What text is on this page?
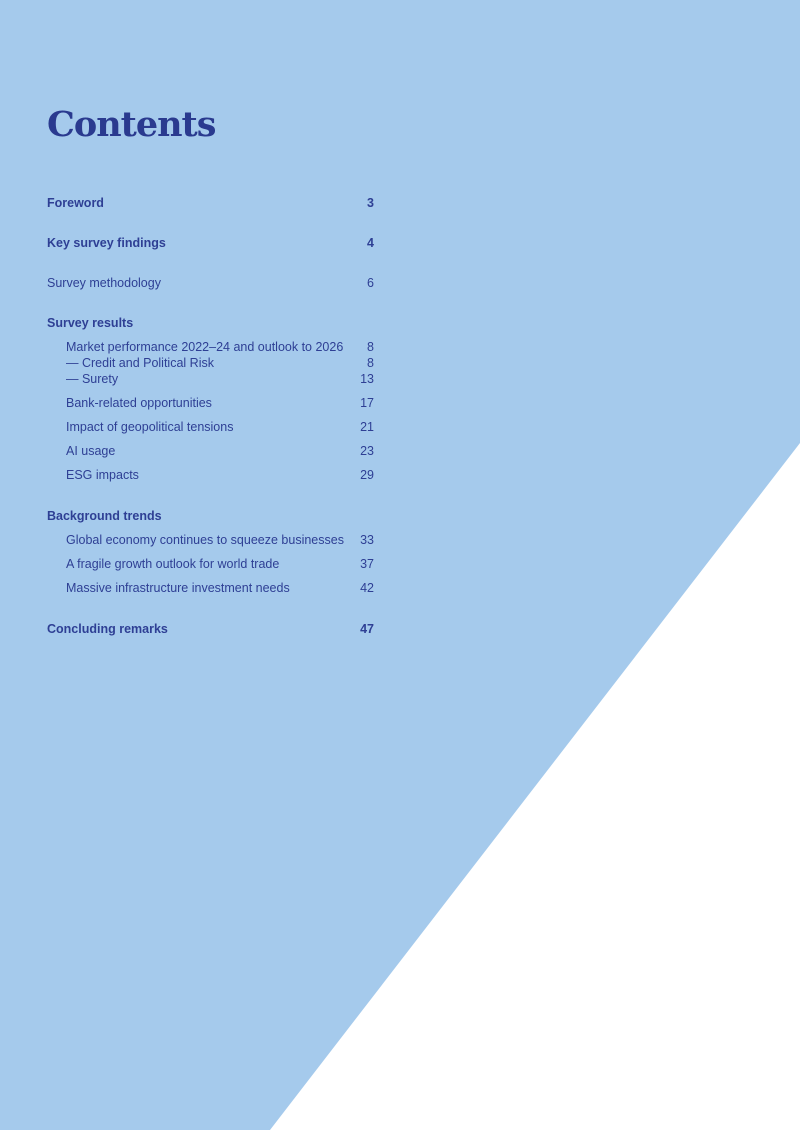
Contents
Foreword	3
Key survey findings	4
Survey methodology	6
Survey results
Market performance 2022–24 and outlook to 2026 8
— Credit and Political Risk	8
— Surety	13
Bank-related opportunities	17
Impact of geopolitical tensions	21
AI usage	23
ESG impacts	29
Background trends
Global economy continues to squeeze businesses 33
A fragile growth outlook for world trade	37
Massive infrastructure investment needs	42
Concluding remarks	47
